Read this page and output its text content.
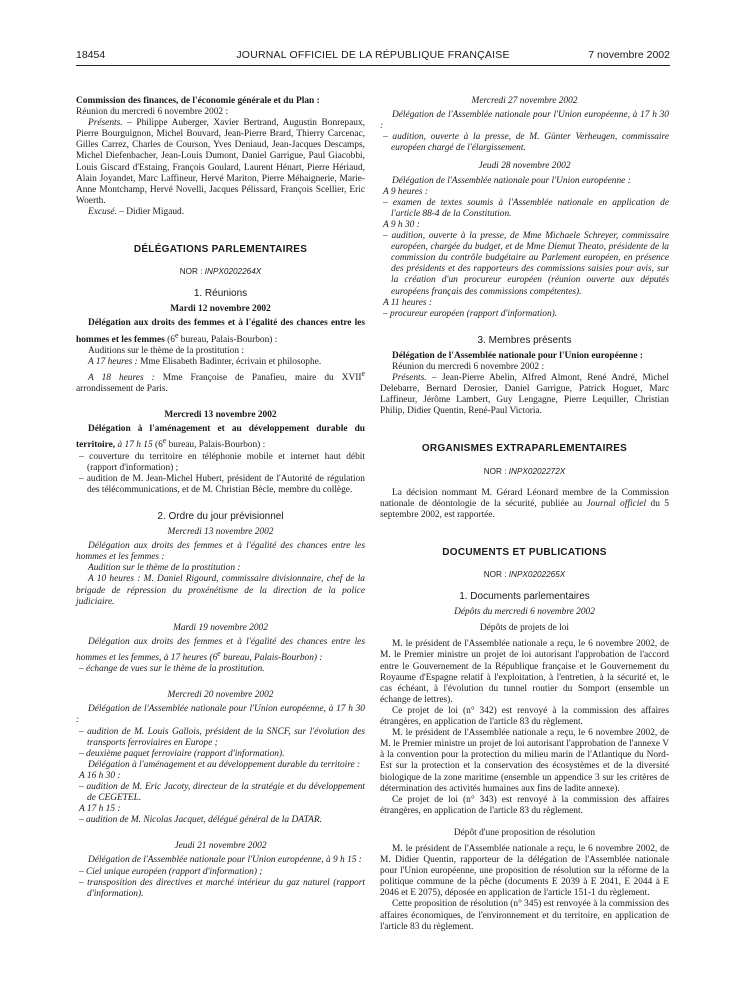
18454	JOURNAL OFFICIEL DE LA RÉPUBLIQUE FRANÇAISE	7 novembre 2002
Commission des finances, de l'économie générale et du Plan :
Réunion du mercredi 6 novembre 2002 :
Présents. – Philippe Auberger, Xavier Bertrand, Augustin Bonrepaux, Pierre Bourguignon, Michel Bouvard, Jean-Pierre Brard, Thierry Carcenac, Gilles Carrez, Charles de Courson, Yves Deniaud, Jean-Jacques Descamps, Michel Diefenbacher, Jean-Louis Dumont, Daniel Garrigue, Paul Giacobbi, Louis Giscard d'Estaing, François Goulard, Laurent Hénart, Pierre Hériaud, Alain Joyandet, Marc Laffineur, Hervé Mariton, Pierre Méhaignerie, Marie-Anne Montchamp, Hervé Novelli, Jacques Pélissard, François Scellier, Eric Woerth.
Excusé. – Didier Migaud.
DÉLÉGATIONS PARLEMENTAIRES
NOR : INPX0202264X
1. Réunions
Mardi 12 novembre 2002
Délégation aux droits des femmes et à l'égalité des chances entre les hommes et les femmes (6e bureau, Palais-Bourbon) :
Auditions sur le thème de la prostitution :
A 17 heures : Mme Elisabeth Badinter, écrivain et philosophe.
A 18 heures : Mme Françoise de Panafieu, maire du XVIIe arrondissement de Paris.
Mercredi 13 novembre 2002
Délégation à l'aménagement et au développement durable du territoire, à 17 h 15 (6e bureau, Palais-Bourbon) :
– couverture du territoire en téléphonie mobile et internet haut débit (rapport d'information) ;
– audition de M. Jean-Michel Hubert, président de l'Autorité de régulation des télécommunications, et de M. Christian Bècle, membre du collège.
2. Ordre du jour prévisionnel
Mercredi 13 novembre 2002
Délégation aux droits des femmes et à l'égalité des chances entre les hommes et les femmes :
Audition sur le thème de la prostitution :
A 10 heures : M. Daniel Rigourd, commissaire divisionnaire, chef de la brigade de répression du proxénétisme de la direction de la police judiciaire.
Mardi 19 novembre 2002
Délégation aux droits des femmes et à l'égalité des chances entre les hommes et les femmes, à 17 heures (6e bureau, Palais-Bourbon) :
– échange de vues sur le thème de la prostitution.
Mercredi 20 novembre 2002
Délégation de l'Assemblée nationale pour l'Union européenne, à 17 h 30 :
– audition de M. Louis Gallois, président de la SNCF, sur l'évolution des transports ferroviaires en Europe ;
– deuxième paquet ferroviaire (rapport d'information).
Délégation à l'aménagement et au développement durable du territoire :
A 16 h 30 :
– audition de M. Eric Jacoty, directeur de la stratégie et du développement de CEGETEL.
A 17 h 15 :
– audition de M. Nicolas Jacquet, délégué général de la DATAR.
Jeudi 21 novembre 2002
Délégation de l'Assemblée nationale pour l'Union européenne, à 9 h 15 :
– Ciel unique européen (rapport d'information) ;
– transposition des directives et marché intérieur du gaz naturel (rapport d'information).
Mercredi 27 novembre 2002
Délégation de l'Assemblée nationale pour l'Union européenne, à 17 h 30 :
– audition, ouverte à la presse, de M. Günter Verheugen, commissaire européen chargé de l'élargissement.
Jeudi 28 novembre 2002
Délégation de l'Assemblée nationale pour l'Union européenne :
A 9 heures :
– examen de textes soumis à l'Assemblée nationale en application de l'article 88-4 de la Constitution.
A 9 h 30 :
– audition, ouverte à la presse, de Mme Michaele Schreyer, commissaire européen, chargée du budget, et de Mme Diemut Theato, présidente de la commission du contrôle budgétaire au Parlement européen, en présence des présidents et des rapporteurs des commissions saisies pour avis, sur la création d'un procureur européen (réunion ouverte aux députés européens français des commissions compétentes).
A 11 heures :
– procureur européen (rapport d'information).
3. Membres présents
Délégation de l'Assemblée nationale pour l'Union européenne :
Réunion du mercredi 6 novembre 2002 :
Présents. – Jean-Pierre Abelin, Alfred Almont, René André, Michel Delebarre, Bernard Derosier, Daniel Garrigue, Patrick Hoguet, Marc Laffineur, Jérôme Lambert, Guy Lengagne, Pierre Lequiller, Christian Philip, Didier Quentin, René-Paul Victoria.
ORGANISMES EXTRAPARLEMENTAIRES
NOR : INPX0202272X
La décision nommant M. Gérard Léonard membre de la Commission nationale de déontologie de la sécurité, publiée au Journal officiel du 5 septembre 2002, est rapportée.
DOCUMENTS ET PUBLICATIONS
NOR : INPX0202265X
1. Documents parlementaires
Dépôts du mercredi 6 novembre 2002
Dépôts de projets de loi
M. le président de l'Assemblée nationale a reçu, le 6 novembre 2002, de M. le Premier ministre un projet de loi autorisant l'approbation de l'accord entre le Gouvernement de la République française et le Gouvernement du Royaume d'Espagne relatif à l'exploitation, à l'entretien, à la sécurité et, le cas échéant, à l'évolution du tunnel routier du Somport (ensemble un échange de lettres).
Ce projet de loi (n° 342) est renvoyé à la commission des affaires étrangères, en application de l'article 83 du règlement.
M. le président de l'Assemblée nationale a reçu, le 6 novembre 2002, de M. le Premier ministre un projet de loi autorisant l'approbation de l'annexe V à la convention pour la protection du milieu marin de l'Atlantique du Nord-Est sur la protection et la conservation des écosystèmes et de la diversité biologique de la zone maritime (ensemble un appendice 3 sur les critères de détermination des activités humaines aux fins de ladite annexe).
Ce projet de loi (n° 343) est renvoyé à la commission des affaires étrangères, en application de l'article 83 du règlement.
Dépôt d'une proposition de résolution
M. le président de l'Assemblée nationale a reçu, le 6 novembre 2002, de M. Didier Quentin, rapporteur de la délégation de l'Assemblée nationale pour l'Union européenne, une proposition de résolution sur la réforme de la politique commune de la pêche (documents E 2039 à E 2041, E 2044 à E 2046 et E 2075), déposée en application de l'article 151-1 du règlement.
Cette proposition de résolution (n° 345) est renvoyée à la commission des affaires économiques, de l'environnement et du territoire, en application de l'article 83 du règlement.
